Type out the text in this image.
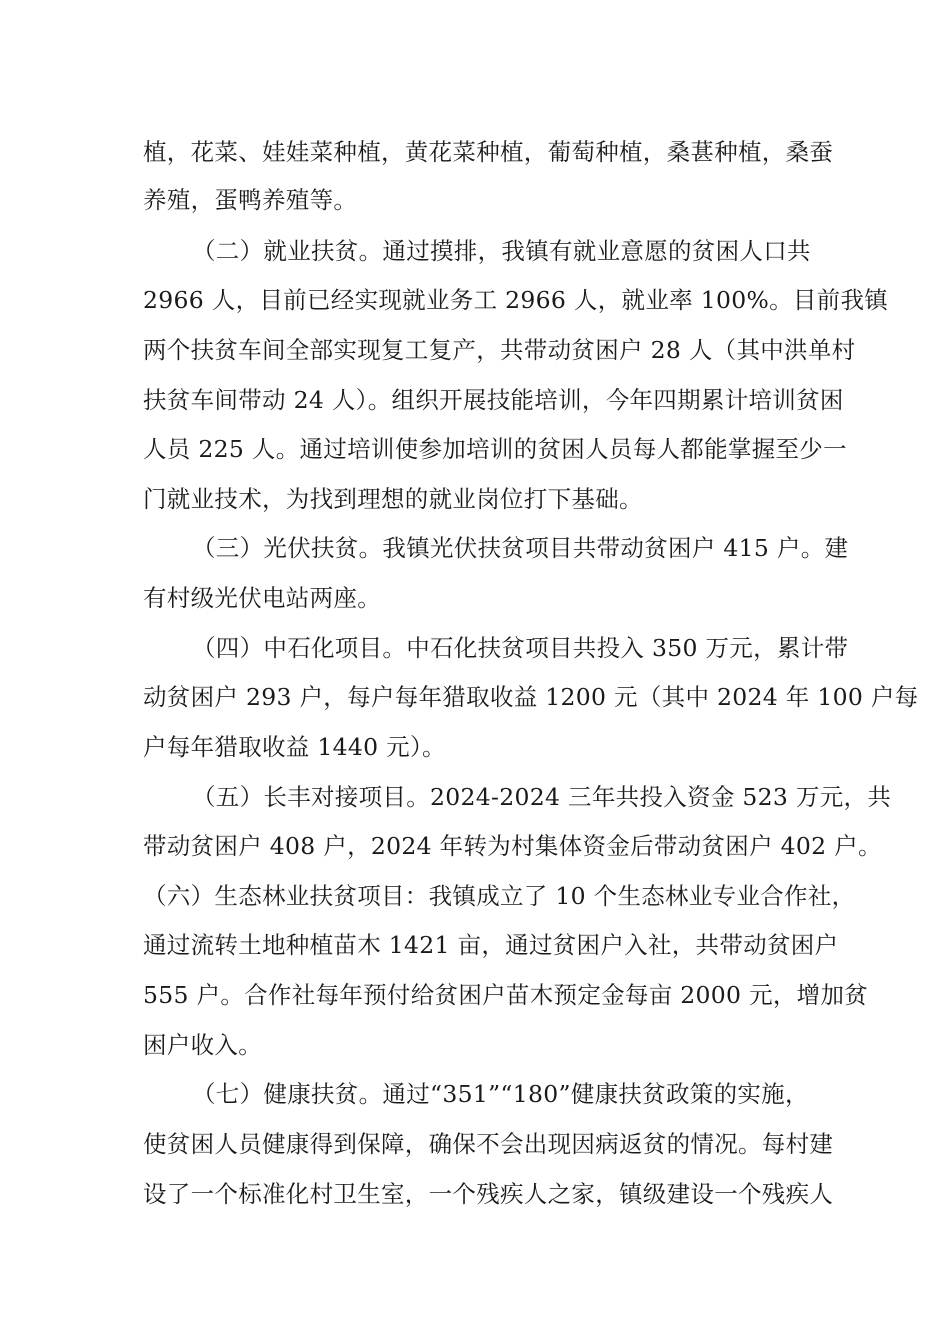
植，花菜、娃娃菜种植，黄花菜种植，葡萄种植，桑葚种植，桑蚕
养殖，蛋鸭养殖等。
（二）就业扶贫。通过摸排，我镇有就业意愿的贫困人口共
2966 人，目前已经实现就业务工 2966 人，就业率 100%。目前我镇
两个扶贫车间全部实现复工复产，共带动贫困户 28 人（其中洪单村
扶贫车间带动 24 人）。组织开展技能培训，今年四期累计培训贫困
人员 225 人。通过培训使参加培训的贫困人员每人都能掌握至少一
门就业技术，为找到理想的就业岗位打下基础。
（三）光伏扶贫。我镇光伏扶贫项目共带动贫困户 415 户。建
有村级光伏电站两座。
（四）中石化项目。中石化扶贫项目共投入 350 万元，累计带
动贫困户 293 户，每户每年猎取收益 1200 元（其中 2024 年 100 户每
户每年猎取收益 1440 元）。
（五）长丰对接项目。2024-2024 三年共投入资金 523 万元，共
带动贫困户 408 户，2024 年转为村集体资金后带动贫困户 402 户。
（六）生态林业扶贫项目：我镇成立了 10 个生态林业专业合作社，
通过流转土地种植苗木 1421 亩，通过贫困户入社，共带动贫困户
555 户。合作社每年预付给贫困户苗木预定金每亩 2000 元，增加贫
困户收入。
（七）健康扶贫。通过“351”“180”健康扶贫政策的实施，
使贫困人员健康得到保障，确保不会出现因病返贫的情况。每村建
设了一个标准化村卫生室，一个残疾人之家，镇级建设一个残疾人
